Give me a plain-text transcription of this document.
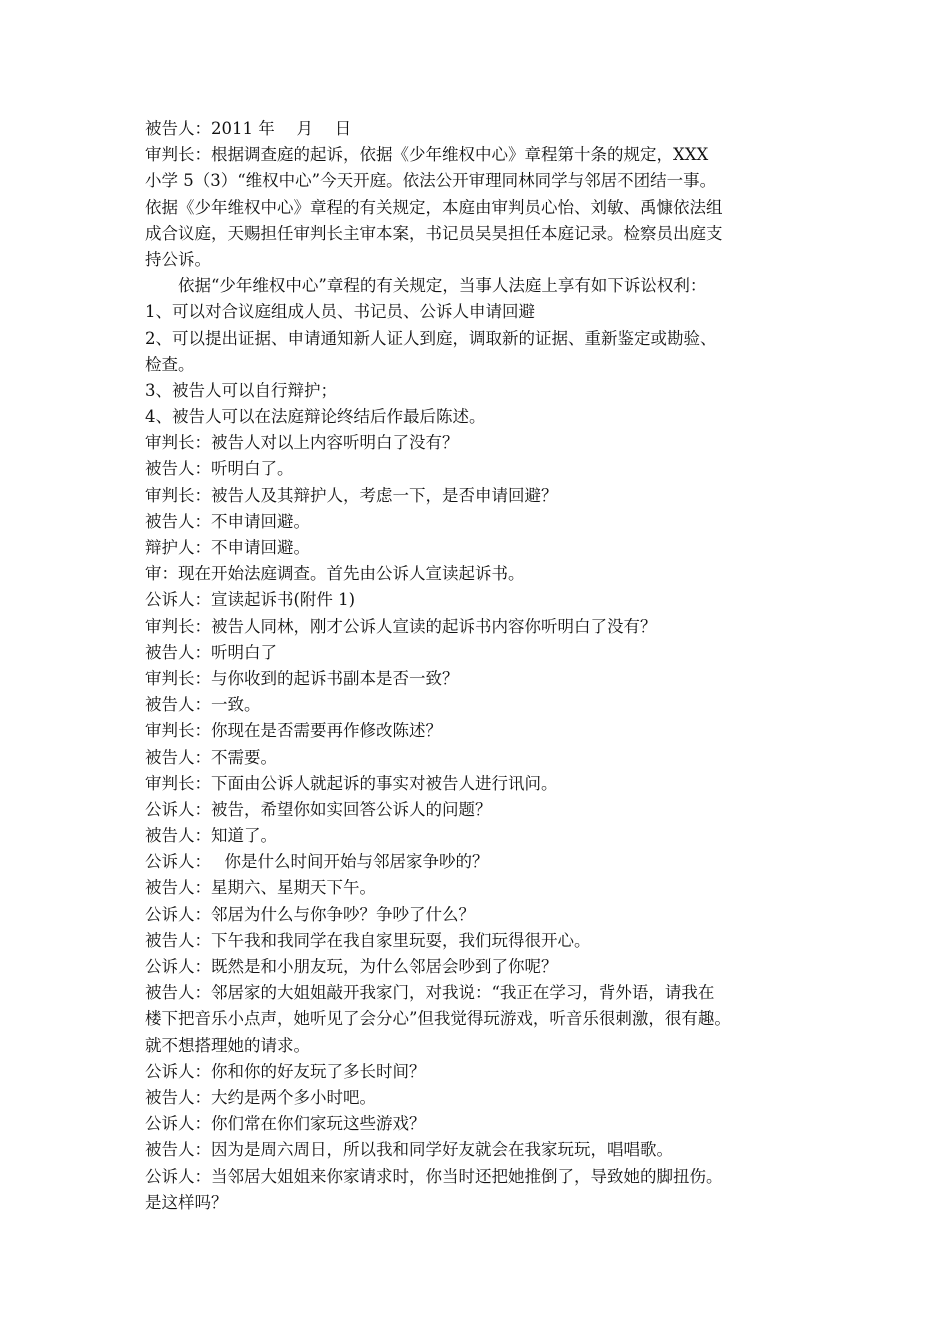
被告人：2011 年　 月　 日
审判长：根据调查庭的起诉，依据《少年维权中心》章程第十条的规定，XXX
小学 5（3）“维权中心”今天开庭。依法公开审理同林同学与邻居不团结一事。
依据《少年维权中心》章程的有关规定，本庭由审判员心怡、刘敏、禹慷依法组
成合议庭，天赐担任审判长主审本案，书记员吴昊担任本庭记录。检察员出庭支
持公诉。
依据“少年维权中心”章程的有关规定，当事人法庭上享有如下诉讼权利：
1、可以对合议庭组成人员、书记员、公诉人申请回避
2、可以提出证据、申请通知新人证人到庭，调取新的证据、重新鉴定或勘验、
检查。
3、被告人可以自行辩护；
4、被告人可以在法庭辩论终结后作最后陈述。
审判长：被告人对以上内容听明白了没有？
被告人：听明白了。
审判长：被告人及其辩护人，考虑一下，是否申请回避？
被告人：不申请回避。
辩护人：不申请回避。
审：现在开始法庭调查。首先由公诉人宣读起诉书。
公诉人：宣读起诉书(附件 1)
审判长：被告人同林，刚才公诉人宣读的起诉书内容你听明白了没有？
被告人：听明白了
审判长：与你收到的起诉书副本是否一致？
被告人：一致。
审判长：你现在是否需要再作修改陈述？
被告人：不需要。
审判长：下面由公诉人就起诉的事实对被告人进行讯问。
公诉人：被告，希望你如实回答公诉人的问题？
被告人：知道了。
公诉人：　 你是什么时间开始与邻居家争吵的？
被告人：星期六、星期天下午。
公诉人：邻居为什么与你争吵？争吵了什么？
被告人：下午我和我同学在我自家里玩耍，我们玩得很开心。
公诉人：既然是和小朋友玩，为什么邻居会吵到了你呢？
被告人：邻居家的大姐姐敲开我家门，对我说：“我正在学习，背外语，请我在
楼下把音乐小点声，她听见了会分心”但我觉得玩游戏，听音乐很刺激，很有趣。
就不想搭理她的请求。
公诉人：你和你的好友玩了多长时间？
被告人：大约是两个多小时吧。
公诉人：你们常在你们家玩这些游戏？
被告人：因为是周六周日，所以我和同学好友就会在我家玩玩，唱唱歌。
公诉人：当邻居大姐姐来你家请求时，你当时还把她推倒了，导致她的脚扭伤。
是这样吗？
